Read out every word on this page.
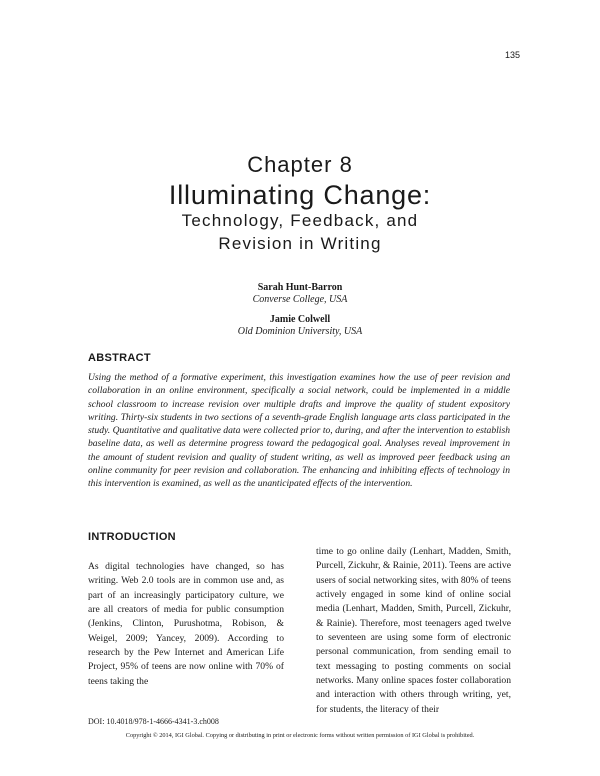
135
Chapter 8
Illuminating Change:
Technology, Feedback, and
Revision in Writing
Sarah Hunt-Barron
Converse College, USA
Jamie Colwell
Old Dominion University, USA
ABSTRACT
Using the method of a formative experiment, this investigation examines how the use of peer revision and collaboration in an online environment, specifically a social network, could be implemented in a middle school classroom to increase revision over multiple drafts and improve the quality of student expository writing. Thirty-six students in two sections of a seventh-grade English language arts class participated in the study. Quantitative and qualitative data were collected prior to, during, and after the intervention to establish baseline data, as well as determine progress toward the pedagogical goal. Analyses reveal improvement in the amount of student revision and quality of student writing, as well as improved peer feedback using an online community for peer revision and collaboration. The enhancing and inhibiting effects of technology in this intervention is examined, as well as the unanticipated effects of the intervention.
INTRODUCTION
As digital technologies have changed, so has writing. Web 2.0 tools are in common use and, as part of an increasingly participatory culture, we are all creators of media for public consumption (Jenkins, Clinton, Purushotma, Robison, & Weigel, 2009; Yancey, 2009). According to research by the Pew Internet and American Life Project, 95% of teens are now online with 70% of teens taking the
time to go online daily (Lenhart, Madden, Smith, Purcell, Zickuhr, & Rainie, 2011). Teens are active users of social networking sites, with 80% of teens actively engaged in some kind of online social media (Lenhart, Madden, Smith, Purcell, Zickuhr, & Rainie). Therefore, most teenagers aged twelve to seventeen are using some form of electronic personal communication, from sending email to text messaging to posting comments on social networks. Many online spaces foster collaboration and interaction with others through writing, yet, for students, the literacy of their
DOI: 10.4018/978-1-4666-4341-3.ch008
Copyright © 2014, IGI Global. Copying or distributing in print or electronic forms without written permission of IGI Global is prohibited.
